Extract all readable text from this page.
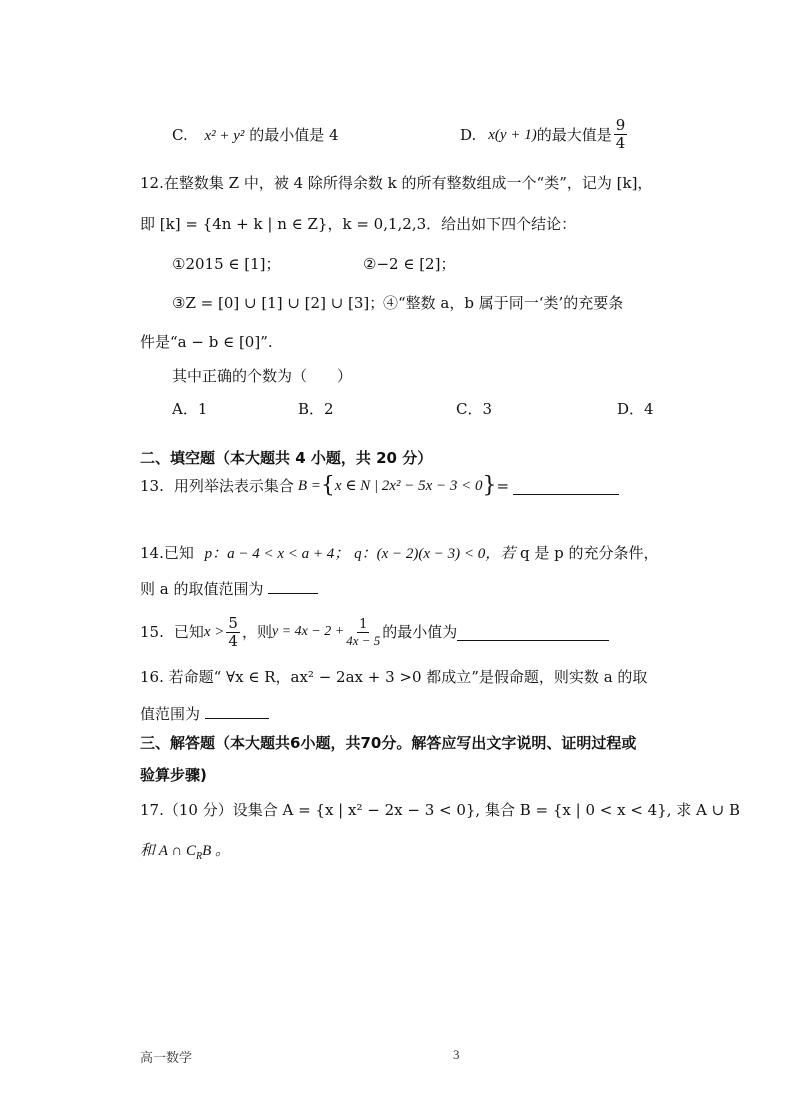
C. x² + y² 的最小值是 4	D. x(y + 1) 的最大值是 $\frac{9}{4}$
12.在整数集 Z 中，被 4 除所得余数 k 的所有整数组成一个“类”，记为 [k]，
即 [k] = {4n + k | n ∈ Z}，k = 0,1,2,3．给出如下四个结论：
①2015 ∈ [1]；	②−2 ∈ [2]；
③Z = [0] ∪ [1] ∪ [2] ∪ [3]；
④“整数 a，b 属于同一‘类’的充要条
件是“a − b ∈ [0]”.
其中正确的个数为（　　）
A．1	B．2	C．3	D．4
二、填空题（本大题共 4 小题，共 20 分）
13. 用列举法表示集合 B = { x ∈ N | 2x² − 5x − 3 < 0 } =
14.已知 p：a − 4 < x < a + 4； q：(x − 2)(x − 3) < 0，若 q 是 p 的充分条件，
则 a 的取值范围为
15. 已知 $x > \frac{5}{4}$ ，则 $y = 4x - 2 + \frac{1}{4x - 5}$ 的最小值为
16. 若命题“ ∀x ∈ R，ax² − 2ax + 3 >0 都成立”是假命题，则实数 a 的取
值范围为
三、解答题（本大题共6小题，共70分。解答应写出文字说明、证明过程或
验算步骤)
17.（10 分）设集合 A = {x | x² − 2x − 3 < 0}, 集合 B = {x | 0 < x < 4}, 求 A ∪ B
和 A ∩ $C_RB$ 。
高一数学	3
